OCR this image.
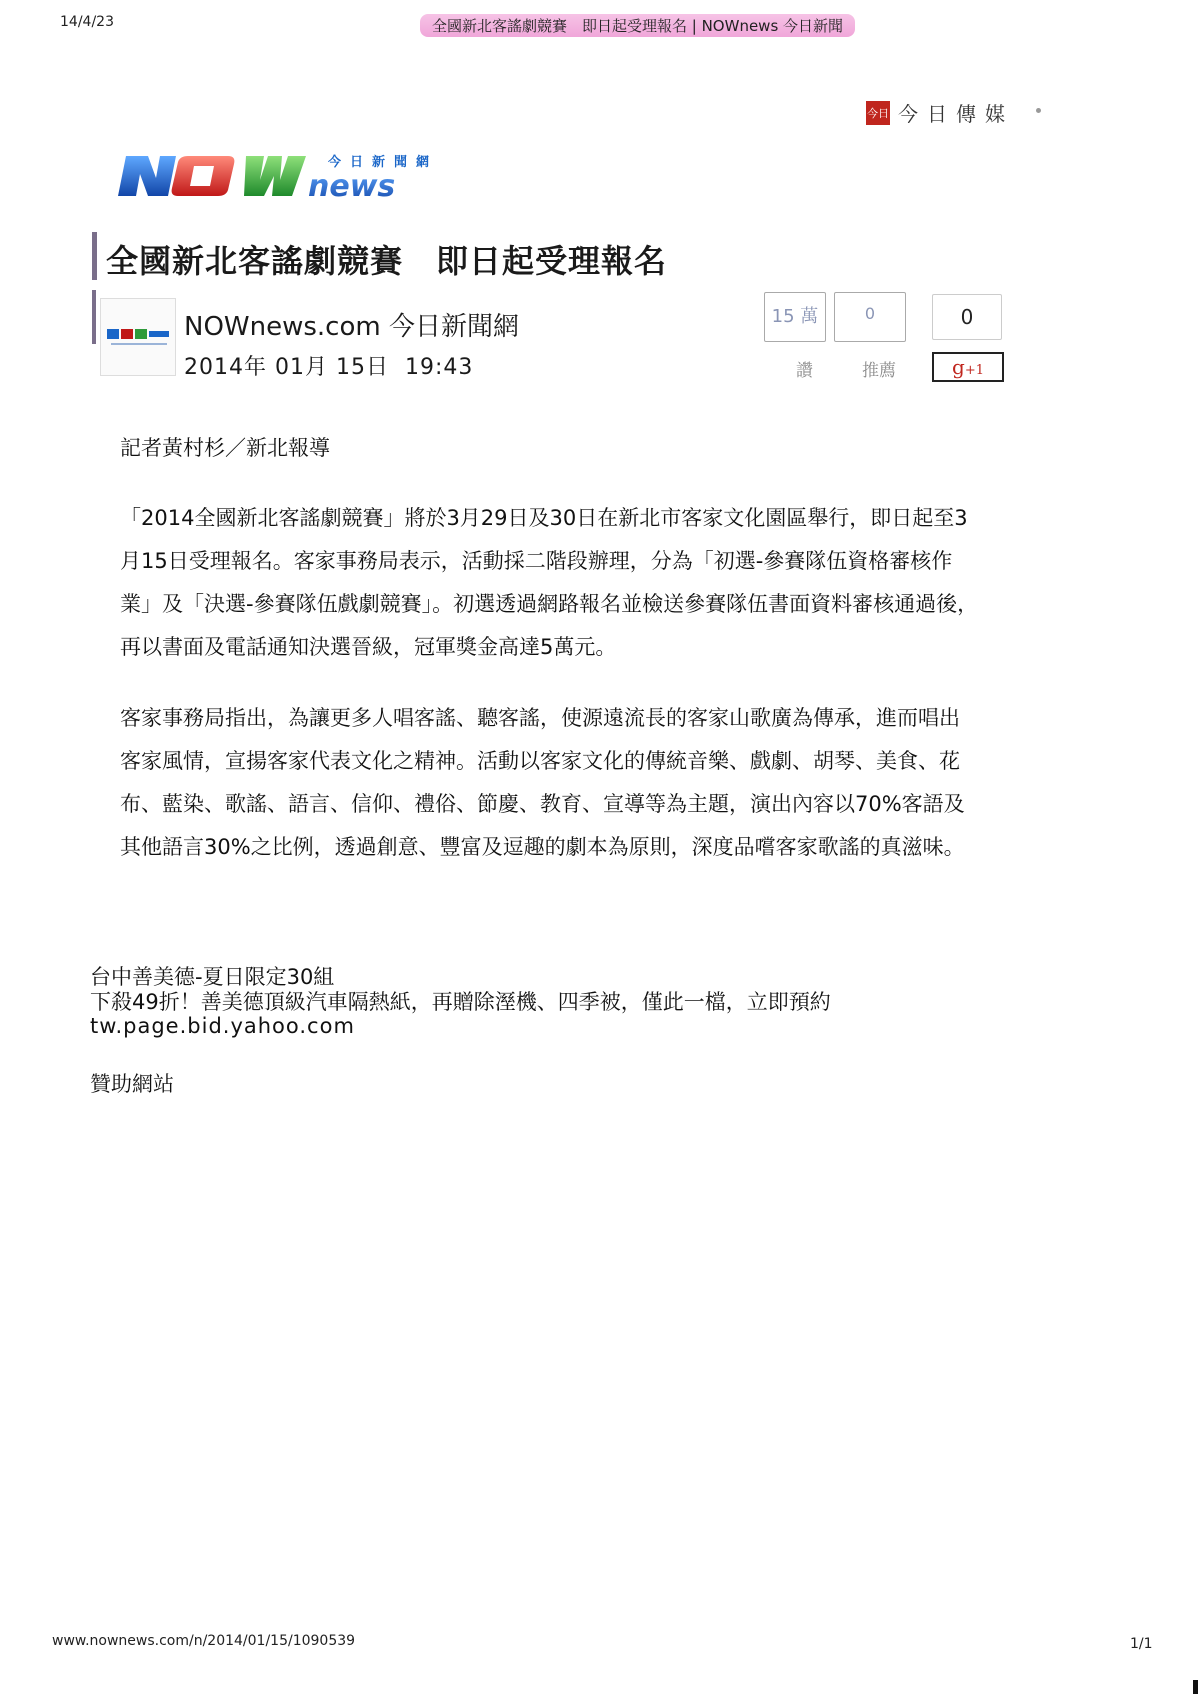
14/4/23	全國新北客謠劇競賽　即日起受理報名 | NOWnews 今日新聞
今日 今日傳媒
news
今日新聞網
全國新北客謠劇競賽　即日起受理報名
NOWnews.com 今日新聞網
2014年 01月 15日  19:43
15 萬	0	0
讚	推薦	g+1
記者黃村杉／新北報導

「2014全國新北客謠劇競賽」將於3月29日及30日在新北市客家文化園區舉行，即日起至3月15日受理報名。客家事務局表示，活動採二階段辦理，分為「初選-參賽隊伍資格審核作業」及「決選-參賽隊伍戲劇競賽」。初選透過網路報名並檢送參賽隊伍書面資料審核通過後，再以書面及電話通知決選晉級，冠軍獎金高達5萬元。

客家事務局指出，為讓更多人唱客謠、聽客謠，使源遠流長的客家山歌廣為傳承，進而唱出客家風情，宣揚客家代表文化之精神。活動以客家文化的傳統音樂、戲劇、胡琴、美食、花布、藍染、歌謠、語言、信仰、禮俗、節慶、教育、宣導等為主題，演出內容以70%客語及其他語言30%之比例，透過創意、豐富及逗趣的劇本為原則，深度品嚐客家歌謠的真滋味。

台中善美德-夏日限定30組
下殺49折！善美德頂級汽車隔熱紙，再贈除溼機、四季被，僅此一檔，立即預約
tw.page.bid.yahoo.com
贊助網站
www.nownews.com/n/2014/01/15/1090539	1/1
